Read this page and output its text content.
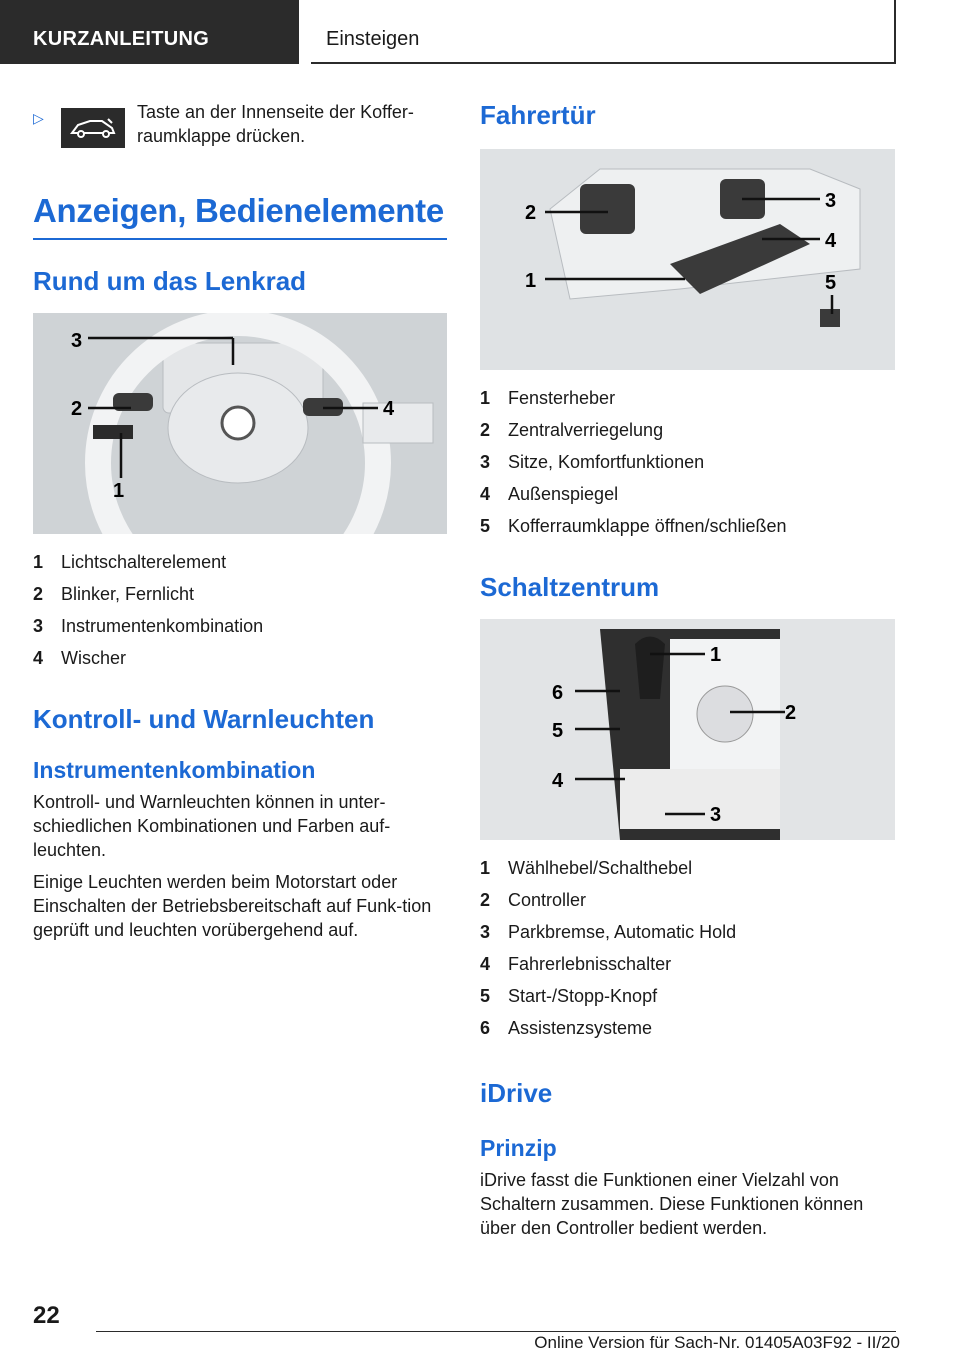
KURZANLEITUNG	Einsteigen
▷	Taste an der Innenseite der Koffer-raumklappe drücken.
Anzeigen, Bedienelemente
Rund um das Lenkrad
3
2	4
1
1 Lichtschalterelement
2 Blinker, Fernlicht
3 Instrumentenkombination
4 Wischer
Kontroll- und Warnleuchten
Instrumentenkombination

Kontroll- und Warnleuchten können in unter-schiedlichen Kombinationen und Farben auf-leuchten.

Einige Leuchten werden beim Motorstart oder Einschalten der Betriebsbereitschaft auf Funk-tion geprüft und leuchten vorübergehend auf.

Fahrertür
2
3
4
1	5
1 Fensterheber
2 Zentralverriegelung
3 Sitze, Komfortfunktionen
4 Außenspiegel
5 Kofferraumklappe öffnen/schließen
Schaltzentrum
1
6
2
5
4
3
1 Wählhebel/Schalthebel
2 Controller
3 Parkbremse, Automatic Hold
4 Fahrerlebnisschalter
5 Start-/Stopp-Knopf
6 Assistenzsysteme
iDrive
Prinzip

iDrive fasst die Funktionen einer Vielzahl von Schaltern zusammen. Diese Funktionen können über den Controller bedient werden.

22
Online Version für Sach-Nr. 01405A03F92 - II/20
